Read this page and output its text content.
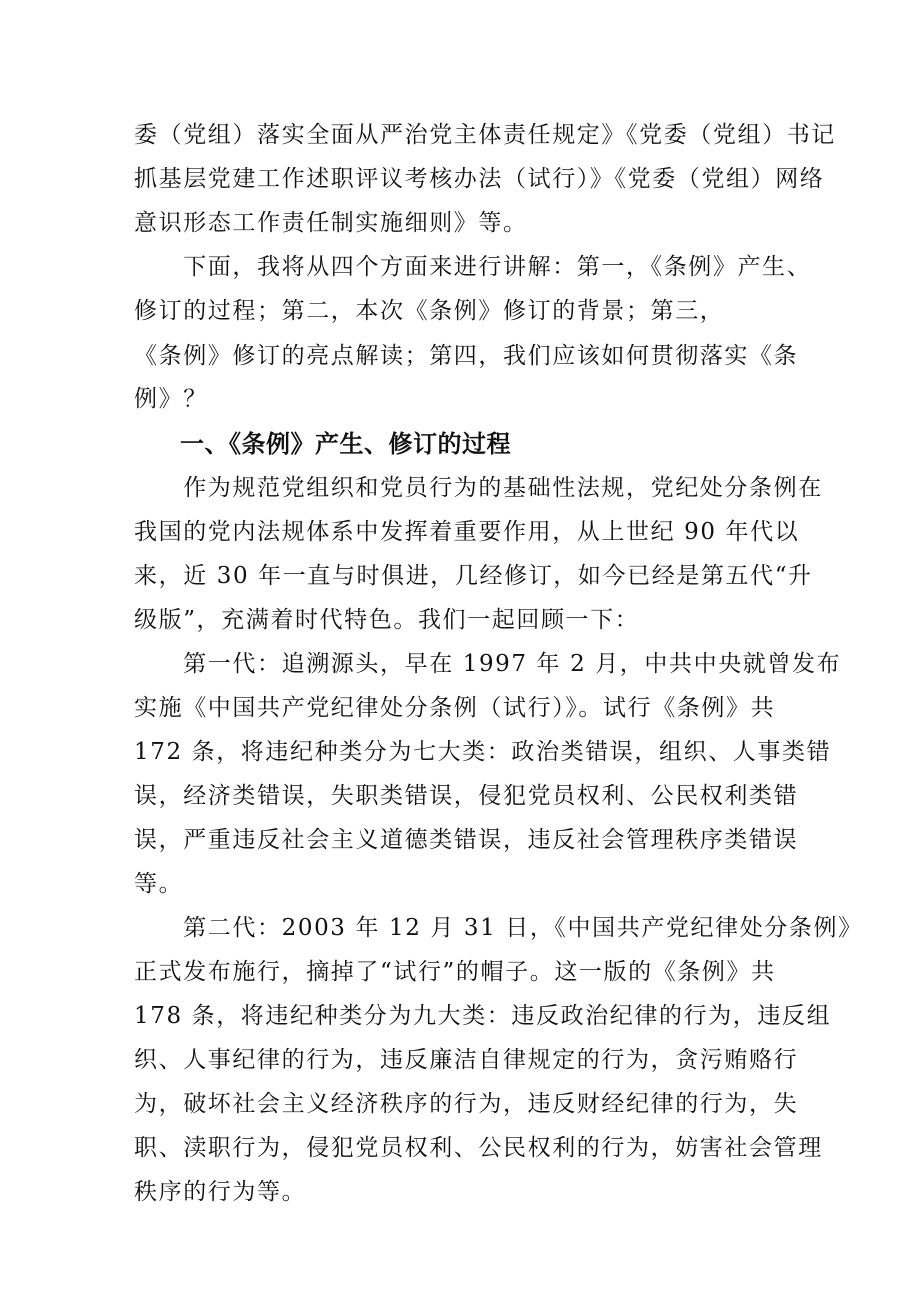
委（党组）落实全面从严治党主体责任规定》《党委（党组）书记
抓基层党建工作述职评议考核办法（试行）》《党委（党组）网络
意识形态工作责任制实施细则》等。
　　下面，我将从四个方面来进行讲解：第一，《条例》产生、
修订的过程；第二，本次《条例》修订的背景；第三，
《条例》修订的亮点解读；第四，我们应该如何贯彻落实《条
例》？
一、《条例》产生、修订的过程
　　作为规范党组织和党员行为的基础性法规，党纪处分条例在
我国的党内法规体系中发挥着重要作用，从上世纪 90 年代以
来，近 30 年一直与时俱进，几经修订，如今已经是第五代“升
级版”，充满着时代特色。我们一起回顾一下：
　　第一代：追溯源头，早在 1997 年 2 月，中共中央就曾发布
实施《中国共产党纪律处分条例（试行）》。试行《条例》共
172 条，将违纪种类分为七大类：政治类错误，组织、人事类错
误，经济类错误，失职类错误，侵犯党员权利、公民权利类错
误，严重违反社会主义道德类错误，违反社会管理秩序类错误
等。
　　第二代：2003 年 12 月 31 日，《中国共产党纪律处分条例》
正式发布施行，摘掉了“试行”的帽子。这一版的《条例》共
178 条，将违纪种类分为九大类：违反政治纪律的行为，违反组
织、人事纪律的行为，违反廉洁自律规定的行为，贪污贿赂行
为，破坏社会主义经济秩序的行为，违反财经纪律的行为，失
职、渎职行为，侵犯党员权利、公民权利的行为，妨害社会管理
秩序的行为等。
